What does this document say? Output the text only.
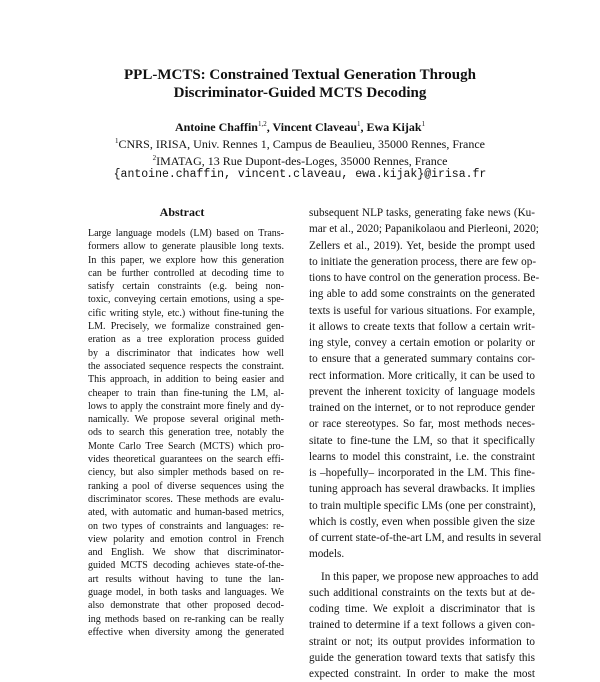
PPL-MCTS: Constrained Textual Generation Through
Discriminator-Guided MCTS Decoding
Antoine Chaffin$^{1,2}$, Vincent Claveau$^1$, Ewa Kijak$^1$
$^1$CNRS, IRISA, Univ. Rennes 1, Campus de Beaulieu, 35000 Rennes, France
$^2$IMATAG, 13 Rue Dupont-des-Loges, 35000 Rennes, France
{antoine.chaffin, vincent.claveau, ewa.kijak}@irisa.fr
Abstract
Large language models (LM) based on Trans-
formers allow to generate plausible long texts.
In this paper, we explore how this generation
can be further controlled at decoding time to
satisfy certain constraints (e.g. being non-
toxic, conveying certain emotions, using a spe-
cific writing style, etc.) without fine-tuning the
LM. Precisely, we formalize constrained gen-
eration as a tree exploration process guided
by a discriminator that indicates how well
the associated sequence respects the constraint.
This approach, in addition to being easier and
cheaper to train than fine-tuning the LM, al-
lows to apply the constraint more finely and dy-
namically. We propose several original meth-
ods to search this generation tree, notably the
Monte Carlo Tree Search (MCTS) which pro-
vides theoretical guarantees on the search effi-
ciency, but also simpler methods based on re-
ranking a pool of diverse sequences using the
discriminator scores. These methods are evalu-
ated, with automatic and human-based metrics,
on two types of constraints and languages: re-
view polarity and emotion control in French
and English. We show that discriminator-
guided MCTS decoding achieves state-of-the-
art results without having to tune the lan-
guage model, in both tasks and languages. We
also demonstrate that other proposed decod-
ing methods based on re-ranking can be really
effective when diversity among the generated
subsequent NLP tasks, generating fake news (Ku-
mar et al., 2020; Papanikolaou and Pierleoni, 2020;
Zellers et al., 2019). Yet, beside the prompt used
to initiate the generation process, there are few op-
tions to have control on the generation process. Be-
ing able to add some constraints on the generated
texts is useful for various situations. For example,
it allows to create texts that follow a certain writ-
ing style, convey a certain emotion or polarity or
to ensure that a generated summary contains cor-
rect information. More critically, it can be used to
prevent the inherent toxicity of language models
trained on the internet, or to not reproduce gender
or race stereotypes. So far, most methods neces-
sitate to fine-tune the LM, so that it specifically
learns to model this constraint, i.e. the constraint
is –hopefully– incorporated in the LM. This fine-
tuning approach has several drawbacks. It implies
to train multiple specific LMs (one per constraint),
which is costly, even when possible given the size
of current state-of-the-art LM, and results in several
models.
In this paper, we propose new approaches to add
such additional constraints on the texts but at de-
coding time. We exploit a discriminator that is
trained to determine if a text follows a given con-
straint or not; its output provides information to
guide the generation toward texts that satisfy this
expected constraint. In order to make the most
